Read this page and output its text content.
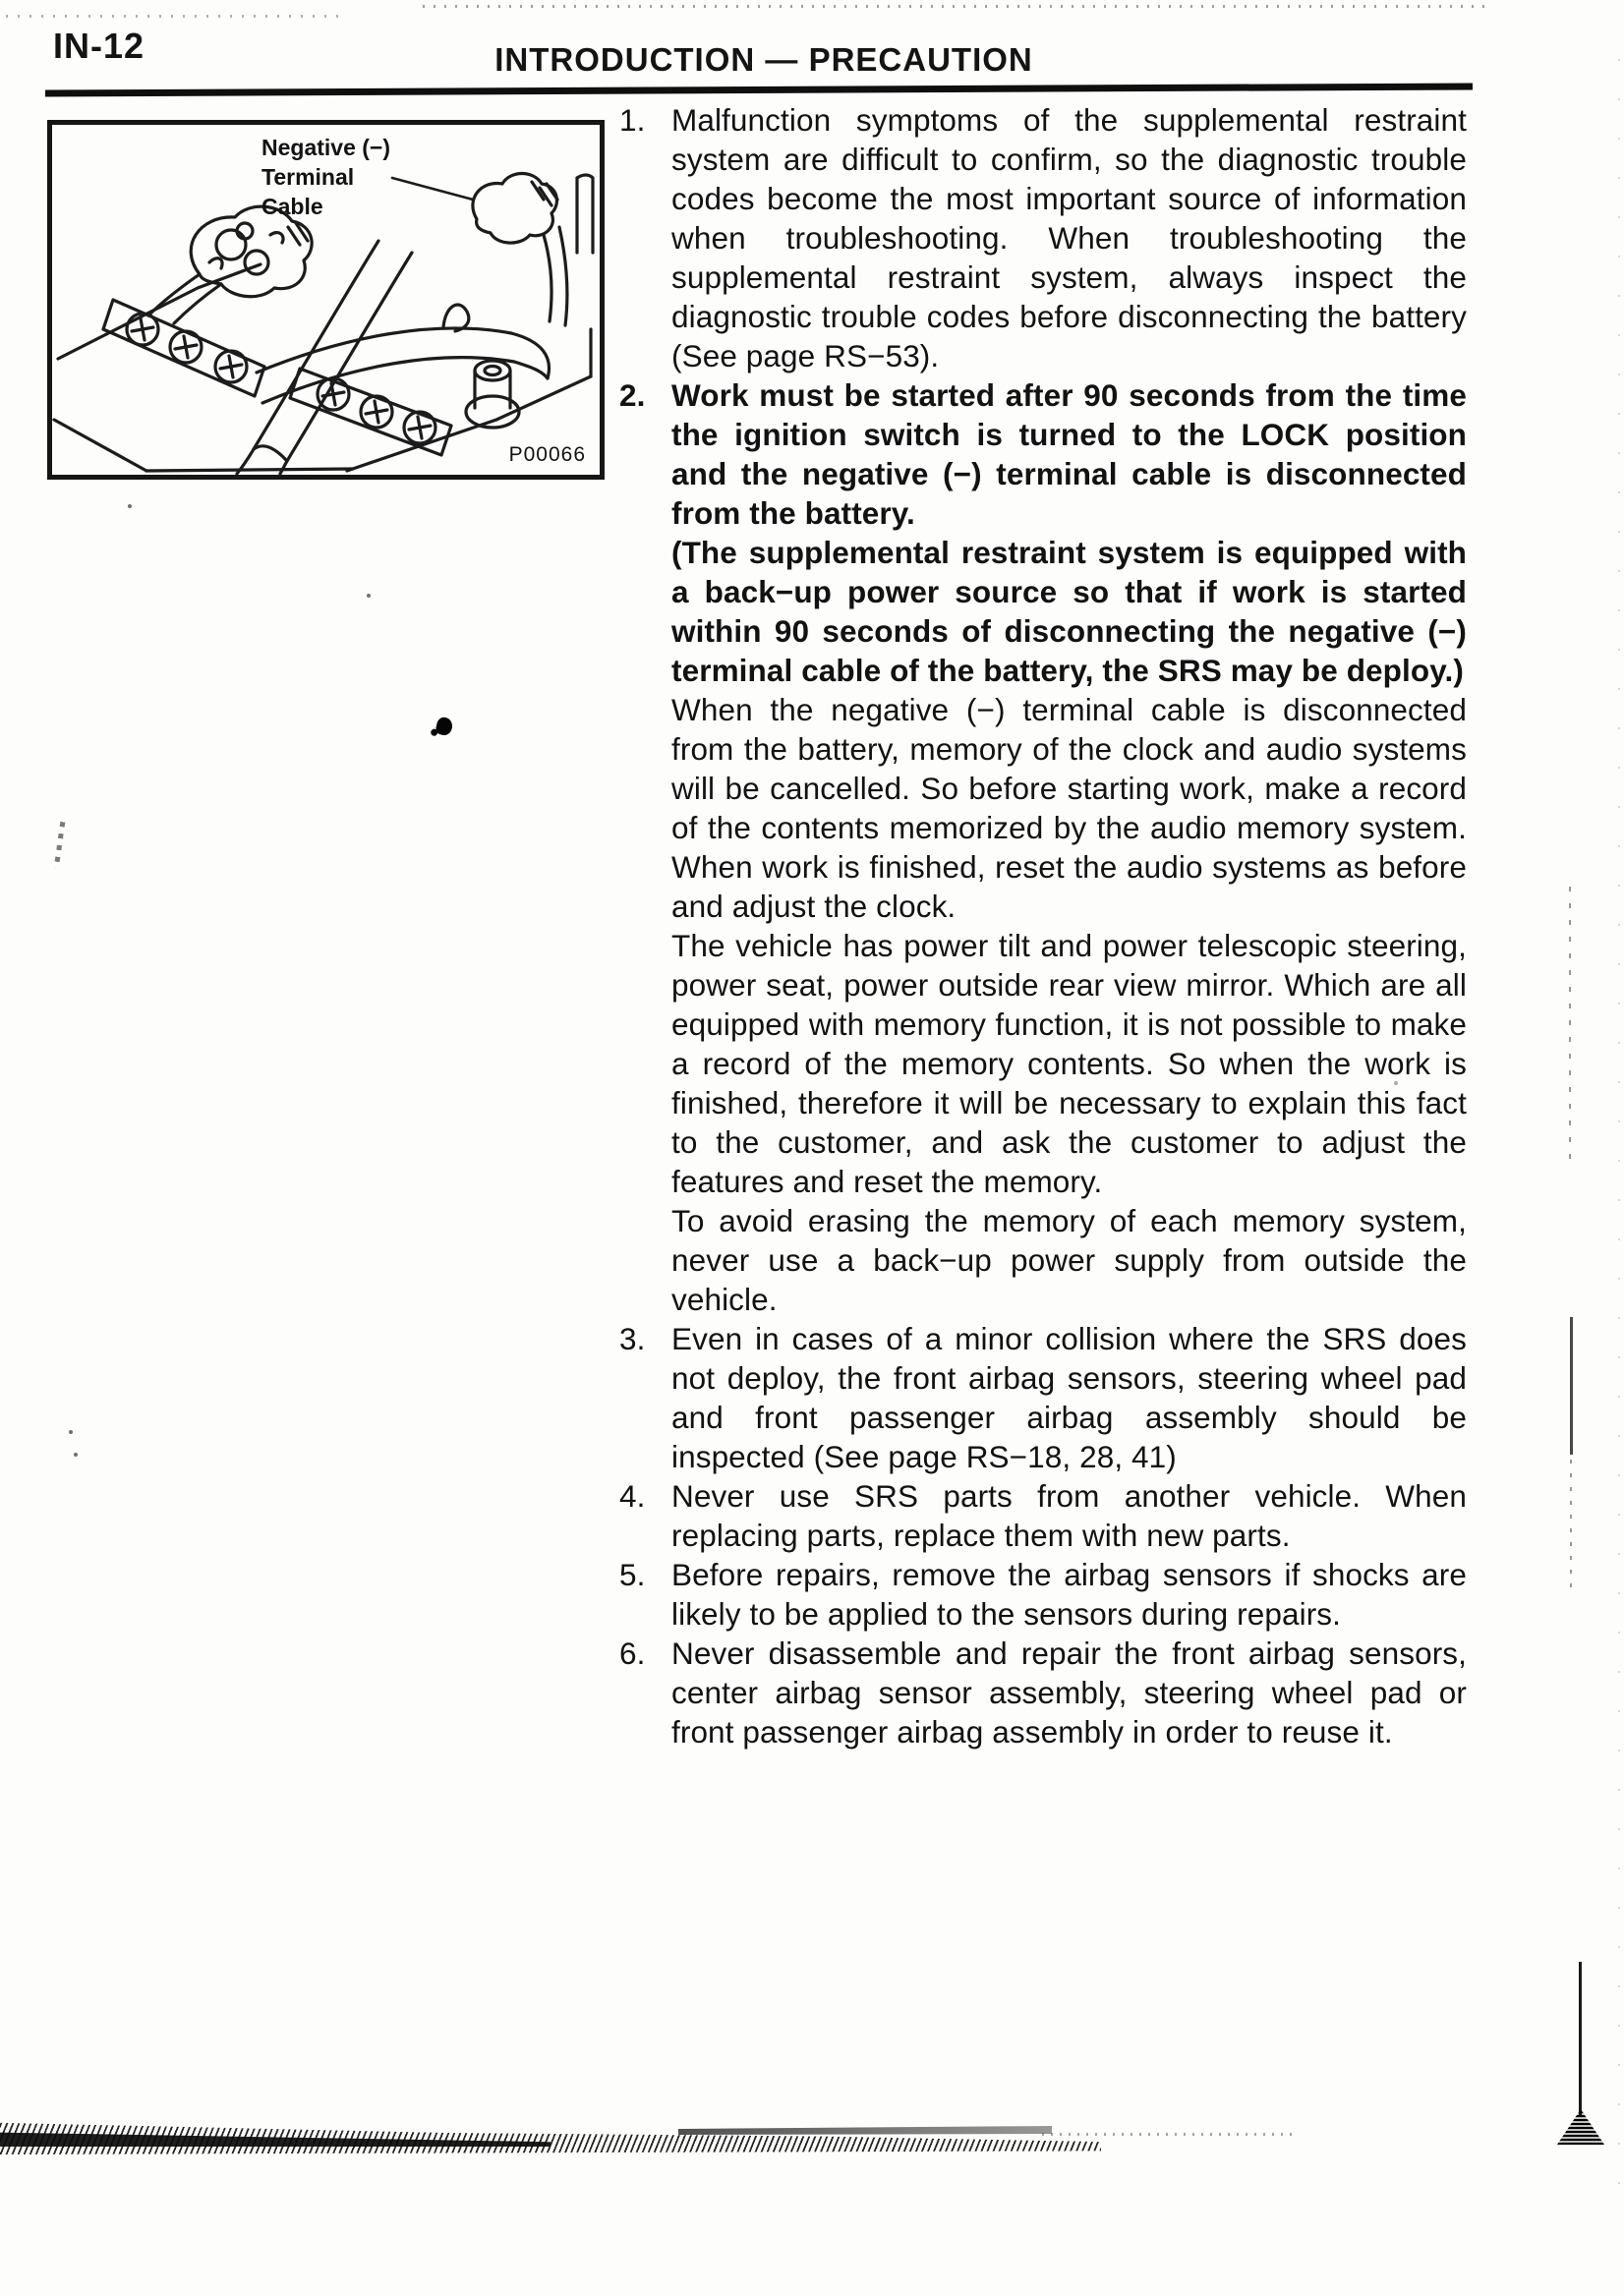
IN-12	INTRODUCTION — PRECAUTION
Negative (−)
Terminal
Cable
P00066
1. Malfunction symptoms of the supplemental restraint system are difficult to confirm, so the diagnostic trouble codes become the most important source of information when troubleshooting. When troubleshooting the supplemental restraint system, always inspect the diagnostic trouble codes before disconnecting the battery (See page RS−53).

2. Work must be started after 90 seconds from the time the ignition switch is turned to the LOCK position and the negative (−) terminal cable is disconnected from the battery.

(The supplemental restraint system is equipped with a back−up power source so that if work is started within 90 seconds of disconnecting the negative (−) terminal cable of the battery, the SRS may be deploy.)

When the negative (−) terminal cable is disconnected from the battery, memory of the clock and audio systems will be cancelled. So before starting work, make a record of the contents memorized by the audio memory system. When work is finished, reset the audio systems as before and adjust the clock.

The vehicle has power tilt and power telescopic steering, power seat, power outside rear view mirror. Which are all equipped with memory function, it is not possible to make a record of the memory contents. So when the work is finished, therefore it will be necessary to explain this fact to the customer, and ask the customer to adjust the features and reset the memory.

To avoid erasing the memory of each memory system, never use a back−up power supply from outside the vehicle.

3. Even in cases of a minor collision where the SRS does not deploy, the front airbag sensors, steering wheel pad and front passenger airbag assembly should be inspected (See page RS−18, 28, 41)

4. Never use SRS parts from another vehicle. When replacing parts, replace them with new parts.

5. Before repairs, remove the airbag sensors if shocks are likely to be applied to the sensors during repairs.

6. Never disassemble and repair the front airbag sensors, center airbag sensor assembly, steering wheel pad or front passenger airbag assembly in order to reuse it.
